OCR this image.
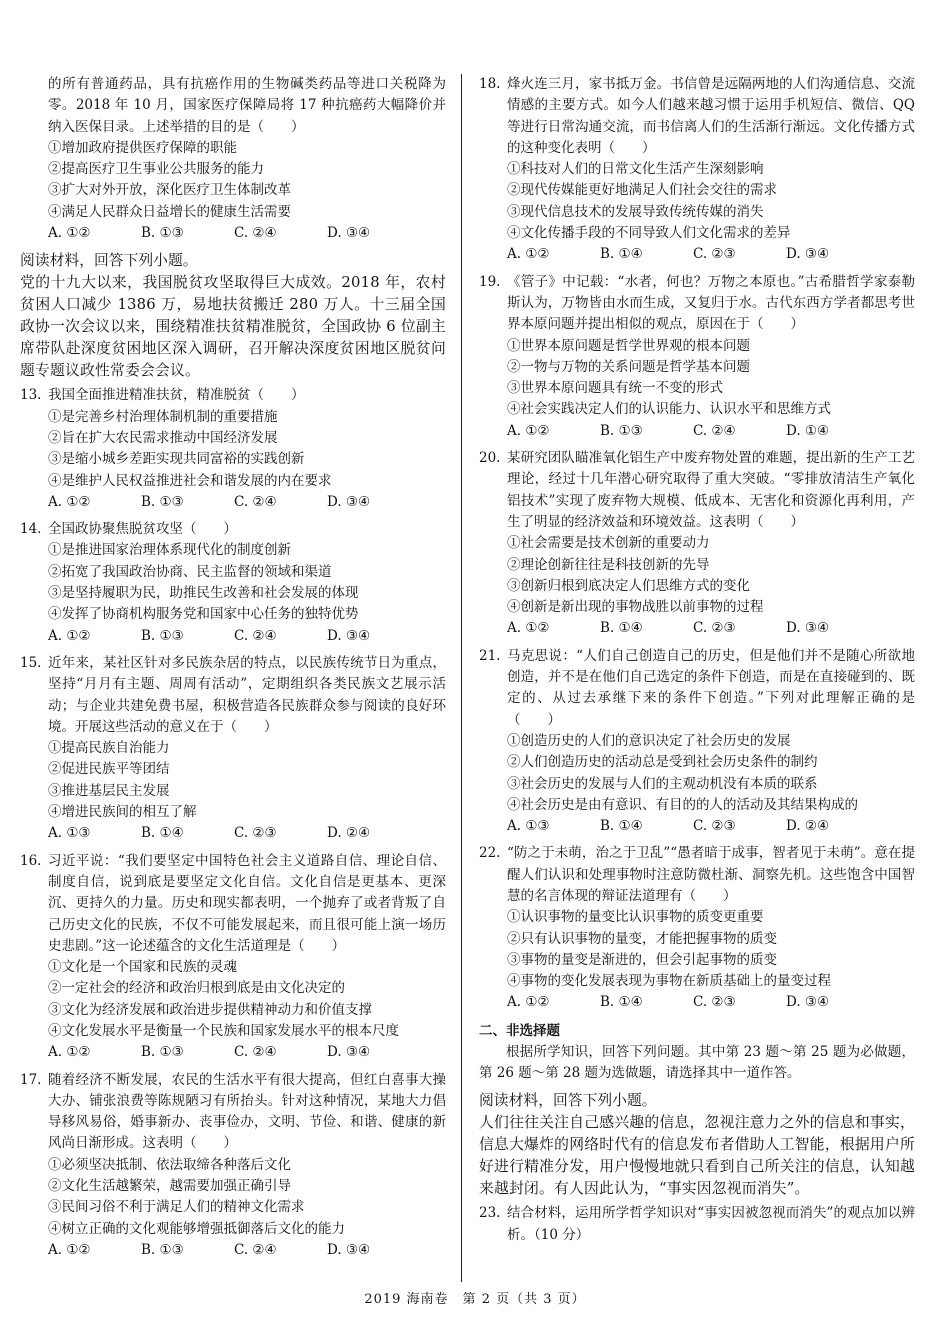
的所有普通药品，具有抗癌作用的生物碱类药品等进口关税降为零。2018 年 10 月，国家医疗保障局将 17 种抗癌药大幅降价并纳入医保目录。上述举措的目的是（　　）
①增加政府提供医疗保障的职能
②提高医疗卫生事业公共服务的能力
③扩大对外开放，深化医疗卫生体制改革
④满足人民群众日益增长的健康生活需要
A. ①②	B. ①③	C. ②④	D. ③④
阅读材料，回答下列小题。
党的十九大以来，我国脱贫攻坚取得巨大成效。2018 年，农村贫困人口减少 1386 万，易地扶贫搬迁 280 万人。十三届全国政协一次会议以来，围绕精准扶贫精准脱贫，全国政协 6 位副主席带队赴深度贫困地区深入调研，召开解决深度贫困地区脱贫问题专题议政性常委会会议。
13. 我国全面推进精准扶贫，精准脱贫（　　）
①是完善乡村治理体制机制的重要措施
②旨在扩大农民需求推动中国经济发展
③是缩小城乡差距实现共同富裕的实践创新
④是维护人民权益推进社会和谐发展的内在要求
A. ①②	B. ①③	C. ②④	D. ③④
14. 全国政协聚焦脱贫攻坚（　　）
①是推进国家治理体系现代化的制度创新
②拓宽了我国政治协商、民主监督的领域和渠道
③是坚持履职为民，助推民生改善和社会发展的体现
④发挥了协商机构服务党和国家中心任务的独特优势
A. ①②	B. ①③	C. ②④	D. ③④
15. 近年来，某社区针对多民族杂居的特点，以民族传统节日为重点，坚持“月月有主题、周周有活动”，定期组织各类民族文艺展示活动；与企业共建免费书屋，积极营造各民族群众参与阅读的良好环境。开展这些活动的意义在于（　　）
①提高民族自治能力
②促进民族平等团结
③推进基层民主发展
④增进民族间的相互了解
A. ①③	B. ①④	C. ②③	D. ②④
16. 习近平说：“我们要坚定中国特色社会主义道路自信、理论自信、制度自信，说到底是要坚定文化自信。文化自信是更基本、更深沉、更持久的力量。历史和现实都表明，一个抛弃了或者背叛了自己历史文化的民族，不仅不可能发展起来，而且很可能上演一场历史悲剧。”这一论述蕴含的文化生活道理是（　　）
①文化是一个国家和民族的灵魂
②一定社会的经济和政治归根到底是由文化决定的
③文化为经济发展和政治进步提供精神动力和价值支撑
④文化发展水平是衡量一个民族和国家发展水平的根本尺度
A. ①②	B. ①③	C. ②④	D. ③④
17. 随着经济不断发展，农民的生活水平有很大提高，但红白喜事大操大办、铺张浪费等陈规陋习有所抬头。针对这种情况，某地大力倡导移风易俗，婚事新办、丧事俭办，文明、节俭、和谐、健康的新风尚日渐形成。这表明（　　）
①必须坚决抵制、依法取缔各种落后文化
②文化生活越繁荣，越需要加强正确引导
③民间习俗不利于满足人们的精神文化需求
④树立正确的文化观能够增强抵御落后文化的能力
A. ①②	B. ①③	C. ②④	D. ③④
18. 烽火连三月，家书抵万金。书信曾是远隔两地的人们沟通信息、交流情感的主要方式。如今人们越来越习惯于运用手机短信、微信、QQ 等进行日常沟通交流，而书信离人们的生活渐行渐远。文化传播方式的这种变化表明（　　）
①科技对人们的日常文化生活产生深刻影响
②现代传媒能更好地满足人们社会交往的需求
③现代信息技术的发展导致传统传媒的消失
④文化传播手段的不同导致人们文化需求的差异
A. ①②	B. ①④	C. ②③	D. ③④
19. 《管子》中记载：“水者，何也？万物之本原也。”古希腊哲学家泰勒斯认为，万物皆由水而生成，又复归于水。古代东西方学者都思考世界本原问题并提出相似的观点，原因在于（　　）
①世界本原问题是哲学世界观的根本问题
②一物与万物的关系问题是哲学基本问题
③世界本原问题具有统一不变的形式
④社会实践决定人们的认识能力、认识水平和思维方式
A. ①②	B. ①③	C. ②④	D. ①④
20. 某研究团队瞄准氧化铝生产中废弃物处置的难题，提出新的生产工艺理论，经过十几年潜心研究取得了重大突破。“零排放清洁生产氧化铝技术”实现了废弃物大规模、低成本、无害化和资源化再利用，产生了明显的经济效益和环境效益。这表明（　　）
①社会需要是技术创新的重要动力
②理论创新往往是科技创新的先导
③创新归根到底决定人们思维方式的变化
④创新是新出现的事物战胜以前事物的过程
A. ①②	B. ①④	C. ②③	D. ③④
21. 马克思说：“人们自己创造自己的历史，但是他们并不是随心所欲地创造，并不是在他们自己选定的条件下创造，而是在直接碰到的、既定的、从过去承继下来的条件下创造。”下列对此理解正确的是（　　）
①创造历史的人们的意识决定了社会历史的发展
②人们创造历史的活动总是受到社会历史条件的制约
③社会历史的发展与人们的主观动机没有本质的联系
④社会历史是由有意识、有目的的人的活动及其结果构成的
A. ①③	B. ①④	C. ②③	D. ②④
22. “防之于未萌，治之于卫乱”“愚者暗于成事，智者见于未萌”。意在提醒人们认识和处理事物时注意防微杜渐、洞察先机。这些饱含中国智慧的名言体现的辩证法道理有（　　）
①认识事物的量变比认识事物的质变更重要
②只有认识事物的量变，才能把握事物的质变
③事物的量变是渐进的，但会引起事物的质变
④事物的变化发展表现为事物在新质基础上的量变过程
A. ①②	B. ①④	C. ②③	D. ③④
二、非选择题
根据所学知识，回答下列问题。其中第 23 题～第 25 题为必做题，第 26 题～第 28 题为选做题，请选择其中一道作答。
阅读材料，回答下列小题。
人们往往关注自己感兴趣的信息，忽视注意力之外的信息和事实，信息大爆炸的网络时代有的信息发布者借助人工智能，根据用户所好进行精准分发，用户慢慢地就只看到自己所关注的信息，认知越来越封闭。有人因此认为，“事实因忽视而消失”。
23. 结合材料，运用所学哲学知识对“事实因被忽视而消失”的观点加以辨析。（10 分）
2019 海南卷　第 2 页（共 3 页）
